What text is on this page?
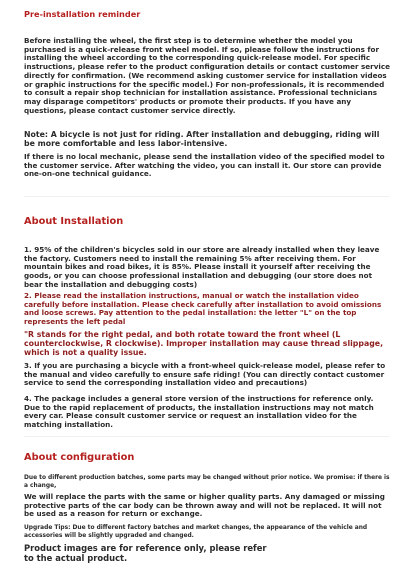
Pre-installation reminder

Before installing the wheel, the first step is to determine whether the model you purchased is a quick-release front wheel model. If so, please follow the instructions for installing the wheel according to the corresponding quick-release model. For specific instructions, please refer to the product configuration details or contact customer service directly for confirmation. (We recommend asking customer service for installation videos or graphic instructions for the specific model.) For non-professionals, it is recommended to consult a repair shop technician for installation assistance. Professional technicians may disparage competitors' products or promote their products. If you have any questions, please contact customer service directly.

Note: A bicycle is not just for riding. After installation and debugging, riding will be more comfortable and less labor-intensive.

If there is no local mechanic, please send the installation video of the specified model to the customer service. After watching the video, you can install it. Our store can provide one-on-one technical guidance.

About Installation

1. 95% of the children's bicycles sold in our store are already installed when they leave the factory. Customers need to install the remaining 5% after receiving them. For mountain bikes and road bikes, it is 85%. Please install it yourself after receiving the goods, or you can choose professional installation and debugging (our store does not bear the installation and debugging costs)

2. Please read the installation instructions, manual or watch the installation video carefully before installation. Please check carefully after installation to avoid omissions and loose screws. Pay attention to the pedal installation: the letter "L" on the top represents the left pedal

"R stands for the right pedal, and both rotate toward the front wheel (L counterclockwise, R clockwise). Improper installation may cause thread slippage, which is not a quality issue.

3. If you are purchasing a bicycle with a front-wheel quick-release model, please refer to the manual and video carefully to ensure safe riding! (You can directly contact customer service to send the corresponding installation video and precautions)

4. The package includes a general store version of the instructions for reference only. Due to the rapid replacement of products, the installation instructions may not match every car. Please consult customer service or request an installation video for the matching installation.

About configuration

Due to different production batches, some parts may be changed without prior notice. We promise: if there is a change,

We will replace the parts with the same or higher quality parts. Any damaged or missing protective parts of the car body can be thrown away and will not be replaced. It will not be used as a reason for return or exchange.

Upgrade Tips: Due to different factory batches and market changes, the appearance of the vehicle and accessories will be slightly upgraded and changed.

Product images are for reference only, please refer to the actual product.
